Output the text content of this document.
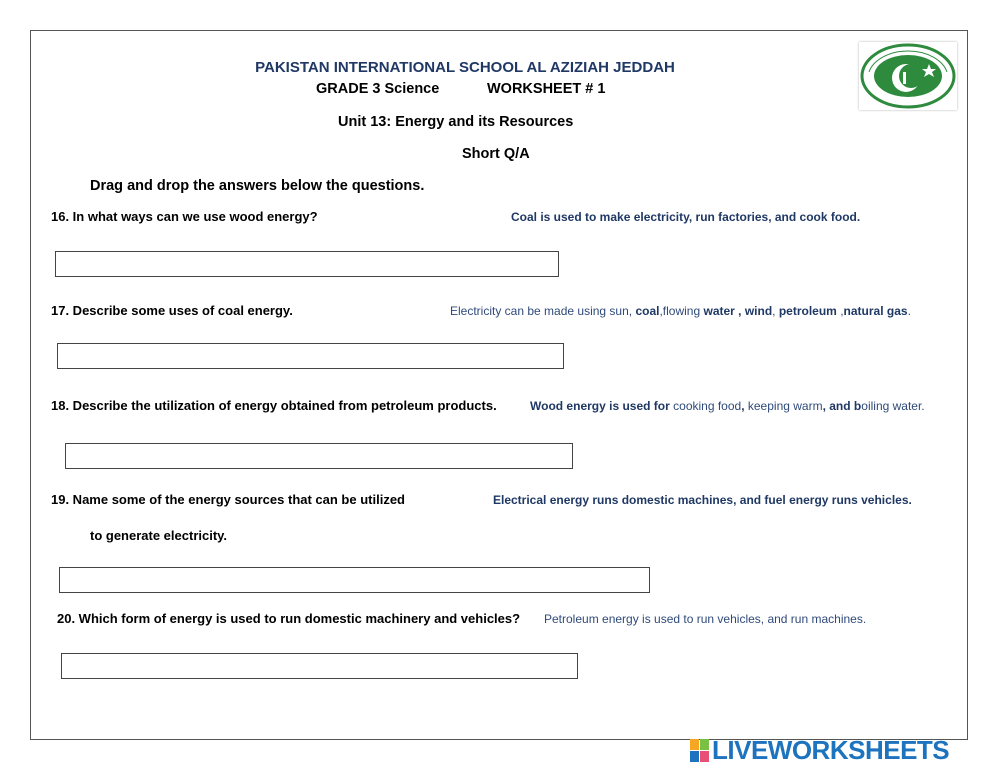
PAKISTAN INTERNATIONAL SCHOOL AL AZIZIAH JEDDAH
GRADE 3 Science	WORKSHEET # 1
Unit 13: Energy and its Resources
Short Q/A
Drag and drop the answers below the questions.
16. In what ways can we use wood energy?	Coal is used to make electricity, run factories, and cook food.
17. Describe some uses of coal energy.	Electricity can be made using sun, coal,flowing water , wind, petroleum ,natural gas.
18. Describe the utilization of energy obtained from petroleum products.	Wood energy is used for cooking food, keeping warm, and boiling water.
19. Name some of the energy sources that can be utilized
to generate electricity.
Electrical energy runs domestic machines, and fuel energy runs vehicles.
20. Which form of energy is used to run domestic machinery and vehicles? Petroleum energy is used to run vehicles, and run machines.
LIVEWORKSHEETS
